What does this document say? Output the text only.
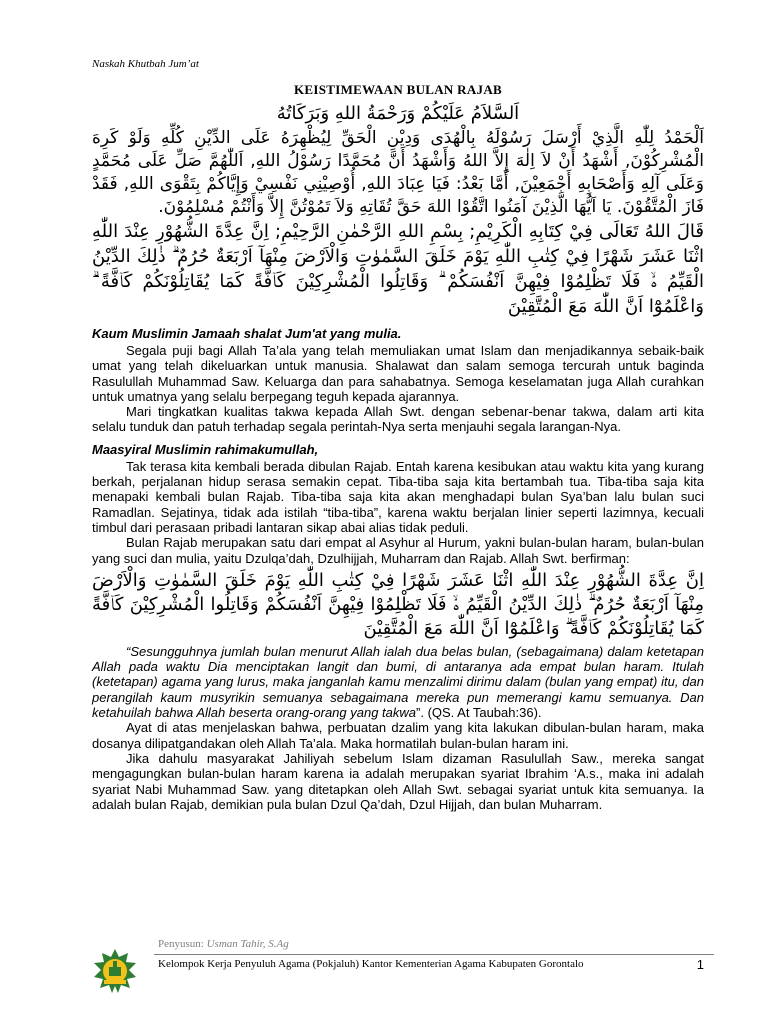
Naskah Khutbah Jum’at

KEISTIMEWAAN BULAN RAJAB

اَلسَّلاَمُ عَلَيْكُمْ وَرَحْمَةُ اللهِ وَبَرَكَاتُهُ

اَلْحَمْدُ لِلّٰهِ الَّذِيْ أَرْسَلَ رَسُوْلَهُ بِالْهُدَى وَدِيْنِ الْحَقِّ لِيُظْهِرَهُ عَلَى الدِّيْنِ كُلِّهِ وَلَوْ كَرِهَ الْمُشْرِكُوْنَ, أَشْهَدُ أَنْ لاَ اِلٰهَ إِلاَّ اللهُ وَأَشْهَدُ أَنَّ مُحَمَّدًا رَسُوْلُ اللهِ, اَللّٰهُمَّ صَلِّ عَلَى مُحَمَّدٍ وَعَلَى آلِهِ وَأَصْحَابِهِ أَجْمَعِيْنَ, أَمَّا بَعْدُ: فَيَا عِبَادَ اللهِ, أُوْصِيْنِي نَفْسِيْ وَإِيَّاكُمْ بِتَقْوَى اللهِ, فَقَدْ فَازَ الْمُتَّقُوْنَ. يَا اَيُّهَا الَّذِيْنَ آمَنُوا اتَّقُوْا اللهَ حَقَّ تُقَاتِهِ وَلاَ تَمُوْتُنَّ إِلاَّ وَأَنْتُمْ مُسْلِمُوْنَ.

قَالَ اللهُ تَعَالَى فِيْ كِتَابِهِ الْكَرِيْمِ; بِسْمِ اللهِ الرَّحْمٰنِ الرَّحِيْمِ; اِنَّ عِدَّةَ الشُّهُوْرِ عِنْدَ اللّٰهِ اثْنَا عَشَرَ شَهْرًا فِيْ كِتٰبِ اللّٰهِ يَوْمَ خَلَقَ السَّمٰوٰتِ وَالْاَرْضَ مِنْهَآ اَرْبَعَةٌ حُرُمٌ ۗ ذٰلِكَ الدِّيْنُ الْقَيِّمُ ەۙ فَلَا تَظْلِمُوْا فِيْهِنَّ اَنْفُسَكُمْ ۗ وَقَاتِلُوا الْمُشْرِكِيْنَ كَاۤفَّةً كَمَا يُقَاتِلُوْنَكُمْ كَاۤفَّةً ۗ وَاعْلَمُوْٓا اَنَّ اللّٰهَ مَعَ الْمُتَّقِيْنَ

Kaum Muslimin Jamaah shalat Jum'at yang mulia.

Segala puji bagi Allah Ta’ala yang telah memuliakan umat Islam dan menjadikannya sebaik-baik umat yang telah dikeluarkan untuk manusia. Shalawat dan salam semoga tercurah untuk baginda Rasulullah Muhammad Saw. Keluarga dan para sahabatnya. Semoga keselamatan juga Allah curahkan untuk umatnya yang selalu berpegang teguh kepada ajarannya.

Mari tingkatkan kualitas takwa kepada Allah Swt. dengan sebenar-benar takwa, dalam arti kita selalu tunduk dan patuh terhadap segala perintah-Nya serta menjauhi segala larangan-Nya.

Maasyiral Muslimin rahimakumullah,

Tak terasa kita kembali berada dibulan Rajab. Entah karena kesibukan atau waktu kita yang kurang berkah, perjalanan hidup serasa semakin cepat. Tiba-tiba saja kita bertambah tua. Tiba-tiba saja kita menapaki kembali bulan Rajab. Tiba-tiba saja kita akan menghadapi bulan Sya’ban lalu bulan suci Ramadlan. Sejatinya, tidak ada istilah “tiba-tiba”, karena waktu berjalan linier seperti lazimnya, kecuali timbul dari perasaan pribadi lantaran sikap abai alias tidak peduli.

Bulan Rajab merupakan satu dari empat al Asyhur al Hurum, yakni bulan-bulan haram, bulan-bulan yang suci dan mulia, yaitu Dzulqa’dah, Dzulhijjah, Muharram dan Rajab. Allah Swt. berfirman:

اِنَّ عِدَّةَ الشُّهُوْرِ عِنْدَ اللّٰهِ اثْنَا عَشَرَ شَهْرًا فِيْ كِتٰبِ اللّٰهِ يَوْمَ خَلَقَ السَّمٰوٰتِ وَالْاَرْضَ مِنْهَآ اَرْبَعَةٌ حُرُمٌ ۗ ذٰلِكَ الدِّيْنُ الْقَيِّمُ ەۙ فَلَا تَظْلِمُوْا فِيْهِنَّ اَنْفُسَكُمْ وَقَاتِلُوا الْمُشْرِكِيْنَ كَاۤفَّةً كَمَا يُقَاتِلُوْنَكُمْ كَاۤفَّةً ۗ وَاعْلَمُوْٓا اَنَّ اللّٰهَ مَعَ الْمُتَّقِيْنَ

“Sesungguhnya jumlah bulan menurut Allah ialah dua belas bulan, (sebagaimana) dalam ketetapan Allah pada waktu Dia menciptakan langit dan bumi, di antaranya ada empat bulan haram. Itulah (ketetapan) agama yang lurus, maka janganlah kamu menzalimi dirimu dalam (bulan yang empat) itu, dan perangilah kaum musyrikin semuanya sebagaimana mereka pun memerangi kamu semuanya. Dan ketahuilah bahwa Allah beserta orang-orang yang takwa”. (QS. At Taubah:36).

Ayat di atas menjelaskan bahwa, perbuatan dzalim yang kita lakukan dibulan-bulan haram, maka dosanya dilipatgandakan oleh Allah Ta’ala. Maka hormatilah bulan-bulan haram ini.

Jika dahulu masyarakat Jahiliyah sebelum Islam dizaman Rasulullah Saw., mereka sangat mengagungkan bulan-bulan haram karena ia adalah merupakan syariat Ibrahim ‘A.s., maka ini adalah syariat Nabi Muhammad Saw. yang ditetapkan oleh Allah Swt. sebagai syariat untuk kita semuanya. Ia adalah bulan Rajab, demikian pula bulan Dzul Qa’dah, Dzul Hijjah, dan bulan Muharram.

Penyusun: Usman Tahir, S.Ag
Kelompok Kerja Penyuluh Agama (Pokjaluh) Kantor Kementerian Agama Kabupaten Gorontalo	1
